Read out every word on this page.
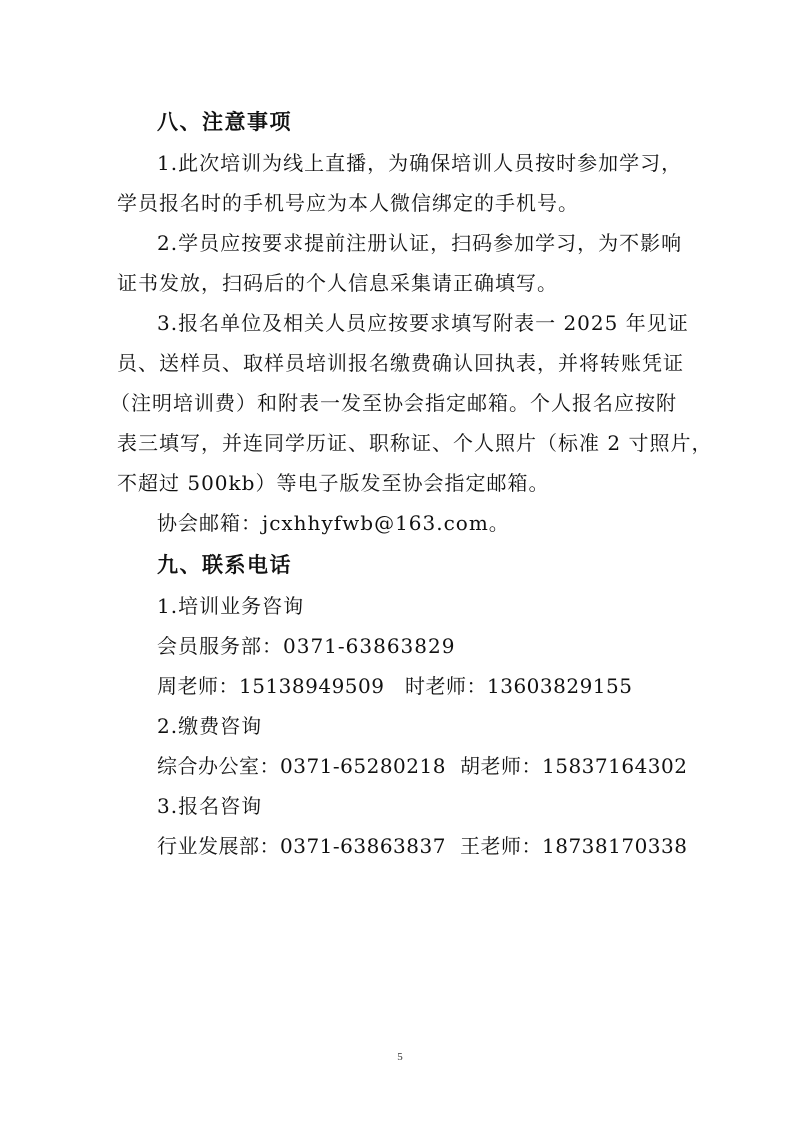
八、注意事项
1.此次培训为线上直播，为确保培训人员按时参加学习，
学员报名时的手机号应为本人微信绑定的手机号。
2.学员应按要求提前注册认证，扫码参加学习，为不影响
证书发放，扫码后的个人信息采集请正确填写。
3.报名单位及相关人员应按要求填写附表一 2025 年见证
员、送样员、取样员培训报名缴费确认回执表，并将转账凭证
（注明培训费）和附表一发至协会指定邮箱。个人报名应按附
表三填写，并连同学历证、职称证、个人照片（标准 2 寸照片，
不超过 500kb）等电子版发至协会指定邮箱。
协会邮箱：jcxhhyfwb@163.com。
九、联系电话
1.培训业务咨询
会员服务部：0371-63863829
周老师：15138949509 时老师：13603829155
2.缴费咨询
综合办公室：0371-65280218 胡老师：15837164302
3.报名咨询
行业发展部：0371-63863837 王老师：18738170338
5
